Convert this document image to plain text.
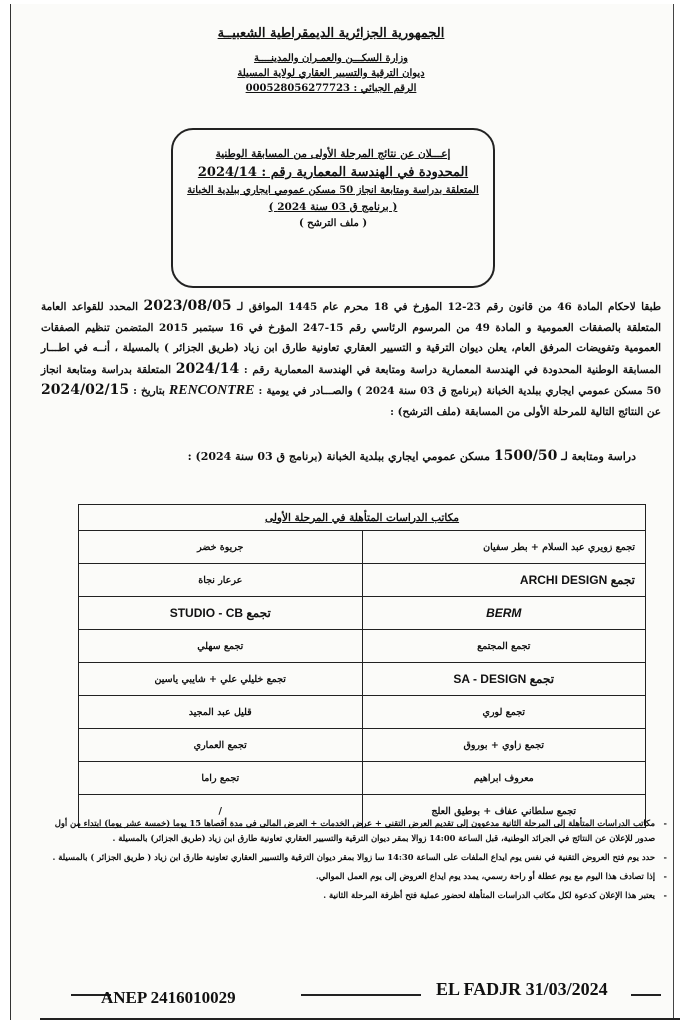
الجمهورية الجزائرية الديمقراطية الشعبيــة
وزارة السكـــن والعمـران والمدينــــة
ديوان الترقية والتسيير العقاري لولاية المسيلة
الرقم الجبائي : 000528056277723
إعـــلان عن نتائج المرحلة الأولى من المسابقة الوطنية
المحدودة في الهندسة المعمارية رقم : 2024/14
المتعلقة بدراسة ومتابعة انجاز 50 مسكن عمومي ايجاري ببلدية الخبانة
( برنامج ق 03 سنة 2024 )
( ملف الترشح )
طبقا لاحكام المادة 46 من قانون رقم 23-12 المؤرخ في 18 محرم عام 1445 الموافق لـ 2023/08/05 المحدد للقواعد العامة المتعلقة بالصفقات العمومية و المادة 49 من المرسوم الرئاسي رقم 15-247 المؤرخ في 16 سبتمبر 2015 المتضمن تنظيم الصفقات العمومية وتفويضات المرفق العام، يعلن ديوان الترقية و التسيير العقاري تعاونية طارق ابن زياد (طريق الجزائر ) بالمسيلة ، أنــه في اطـــار المسابقة الوطنية المحدودة في الهندسة المعمارية دراسة ومتابعة في الهندسة المعمارية رقم : 2024/14 المتعلقة بدراسة ومتابعة انجاز 50 مسكن عمومي ايجاري ببلدية الخبانة (برنامج ق 03 سنة 2024 ) والصـــادر في يومية : RENCONTRE بتاريخ : 2024/02/15 عن النتائج التالية للمرحلة الأولى من المسابقة (ملف الترشح) :
دراسة ومتابعة لـ 1500/50 مسكن عمومي ايجاري ببلدية الخبانة (برنامج ق 03 سنة 2024) :
مكاتب الدراسات المتأهلة في المرحلة الأولى	
تجمع زويري عبد السلام + بطر سفيان	جريوة خضر
تجمع ARCHI DESIGN	عرعار نجاة
BERM	تجمع STUDIO - CB
تجمع المجتمع	تجمع سهلي
تجمع SA - DESIGN	تجمع خليلي علي + شايبي ياسين
تجمع لوري	قليل عبد المجيد
تجمع زاوي + بوروق	تجمع العماري
معروف ابراهيم	تجمع راما
تجمع سلطاني عفاف + بوطيق العلج	/
- مكاتب الدراسات المتأهلة إلى المرحلة الثانية مدعوون إلى تقديم العرض التقني + عرض الخدمات + العرض المالي في مدة أقصاها 15 يوما (خمسة عشر يوما) ابتداء من أول صدور للإعلان عن النتائج في الجرائد الوطنية، قبل الساعة 14:00 زوالا بمقر ديوان الترقية والتسيير العقاري تعاونية طارق ابن زياد (طريق الجزائر) بالمسيلة .
- حدد يوم فتح العروض التقنية في نفس يوم ايداع الملفات على الساعة 14:30 سا زوالا بمقر ديوان الترقية والتسيير العقاري تعاونية طارق ابن زياد ( طريق الجزائر ) بالمسيلة .
- إذا تصادف هذا اليوم مع يوم عطلة أو راحة رسمي، يمدد يوم ايداع العروض إلى يوم العمل الموالي.
- يعتبر هذا الإعلان كدعوة لكل مكاتب الدراسات المتأهلة لحضور عملية فتح أظرفة المرحلة الثانية .
ANEP 2416010029	EL FADJR 31/03/2024
